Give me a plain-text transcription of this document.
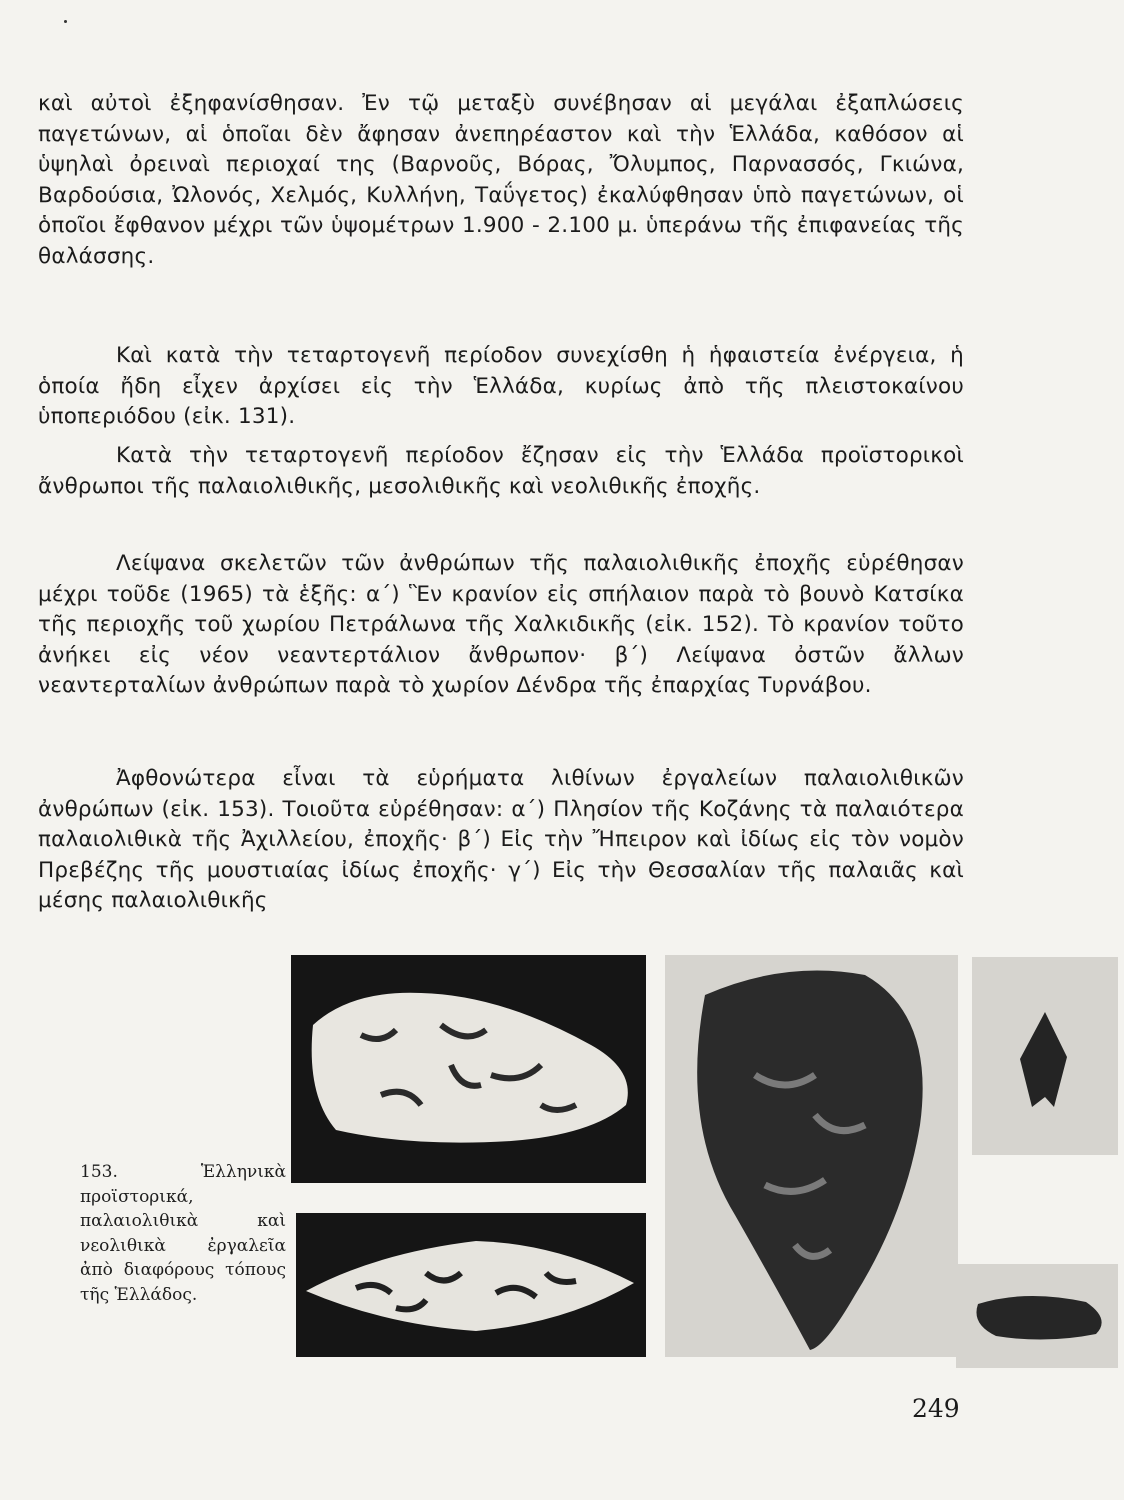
καὶ αὐτοὶ ἐξηφανίσθησαν. Ἐν τῷ μεταξὺ συνέβησαν αἱ μεγάλαι ἐξαπλώσεις παγετώνων, αἱ ὁποῖαι δὲν ἄφησαν ἀνεπηρέαστον καὶ τὴν Ἑλλάδα, καθόσον αἱ ὑψηλαὶ ὀρειναὶ περιοχαί της (Βαρνοῦς, Βόρας, Ὄλυμπος, Παρνασσός, Γκιώνα, Βαρδούσια, Ὠλονός, Χελμός, Κυλλήνη, Ταΰγετος) ἐκαλύφθησαν ὑπὸ παγετώνων, οἱ ὁποῖοι ἔφθανον μέχρι τῶν ὑψομέτρων 1.900 - 2.100 μ. ὑπεράνω τῆς ἐπιφανείας τῆς θαλάσσης.

Καὶ κατὰ τὴν τεταρτογενῆ περίοδον συνεχίσθη ἡ ἡφαιστεία ἐνέργεια, ἡ ὁποία ἤδη εἶχεν ἀρχίσει εἰς τὴν Ἑλλάδα, κυρίως ἀπὸ τῆς πλειστοκαίνου ὑποπεριόδου (εἰκ. 131).

Κατὰ τὴν τεταρτογενῆ περίοδον ἔζησαν εἰς τὴν Ἑλλάδα προϊστορικοὶ ἄνθρωποι τῆς παλαιολιθικῆς, μεσολιθικῆς καὶ νεολιθικῆς ἐποχῆς.

Λείψανα σκελετῶν τῶν ἀνθρώπων τῆς παλαιολιθικῆς ἐποχῆς εὑρέθησαν μέχρι τοῦδε (1965) τὰ ἑξῆς: α΄) Ἓν κρανίον εἰς σπήλαιον παρὰ τὸ βουνὸ Κατσίκα τῆς περιοχῆς τοῦ χωρίου Πετράλωνα τῆς Χαλκιδικῆς (εἰκ. 152). Τὸ κρανίον τοῦτο ἀνήκει εἰς νέον νεαντερτάλιον ἄνθρωπον· β΄) Λείψανα ὀστῶν ἄλλων νεαντερταλίων ἀνθρώπων παρὰ τὸ χωρίον Δένδρα τῆς ἐπαρχίας Τυρνάβου.

Ἀφθονώτερα εἶναι τὰ εὑρήματα λιθίνων ἐργαλείων παλαιολιθικῶν ἀνθρώπων (εἰκ. 153). Τοιοῦτα εὑρέθησαν: α΄) Πλησίον τῆς Κοζάνης τὰ παλαιότερα παλαιολιθικὰ τῆς Ἀχιλλείου, ἐποχῆς· β΄) Εἰς τὴν Ἤπειρον καὶ ἰδίως εἰς τὸν νομὸν Πρεβέζης τῆς μουστιαίας ἰδίως ἐποχῆς· γ΄) Εἰς τὴν Θεσσαλίαν τῆς παλαιᾶς καὶ μέσης παλαιολιθικῆς

153. Ἑλληνικὰ προϊστορικά, παλαιολιθικὰ καὶ νεολιθικὰ ἐργαλεῖα ἀπὸ διαφόρους τόπους τῆς Ἑλλάδος.
249
